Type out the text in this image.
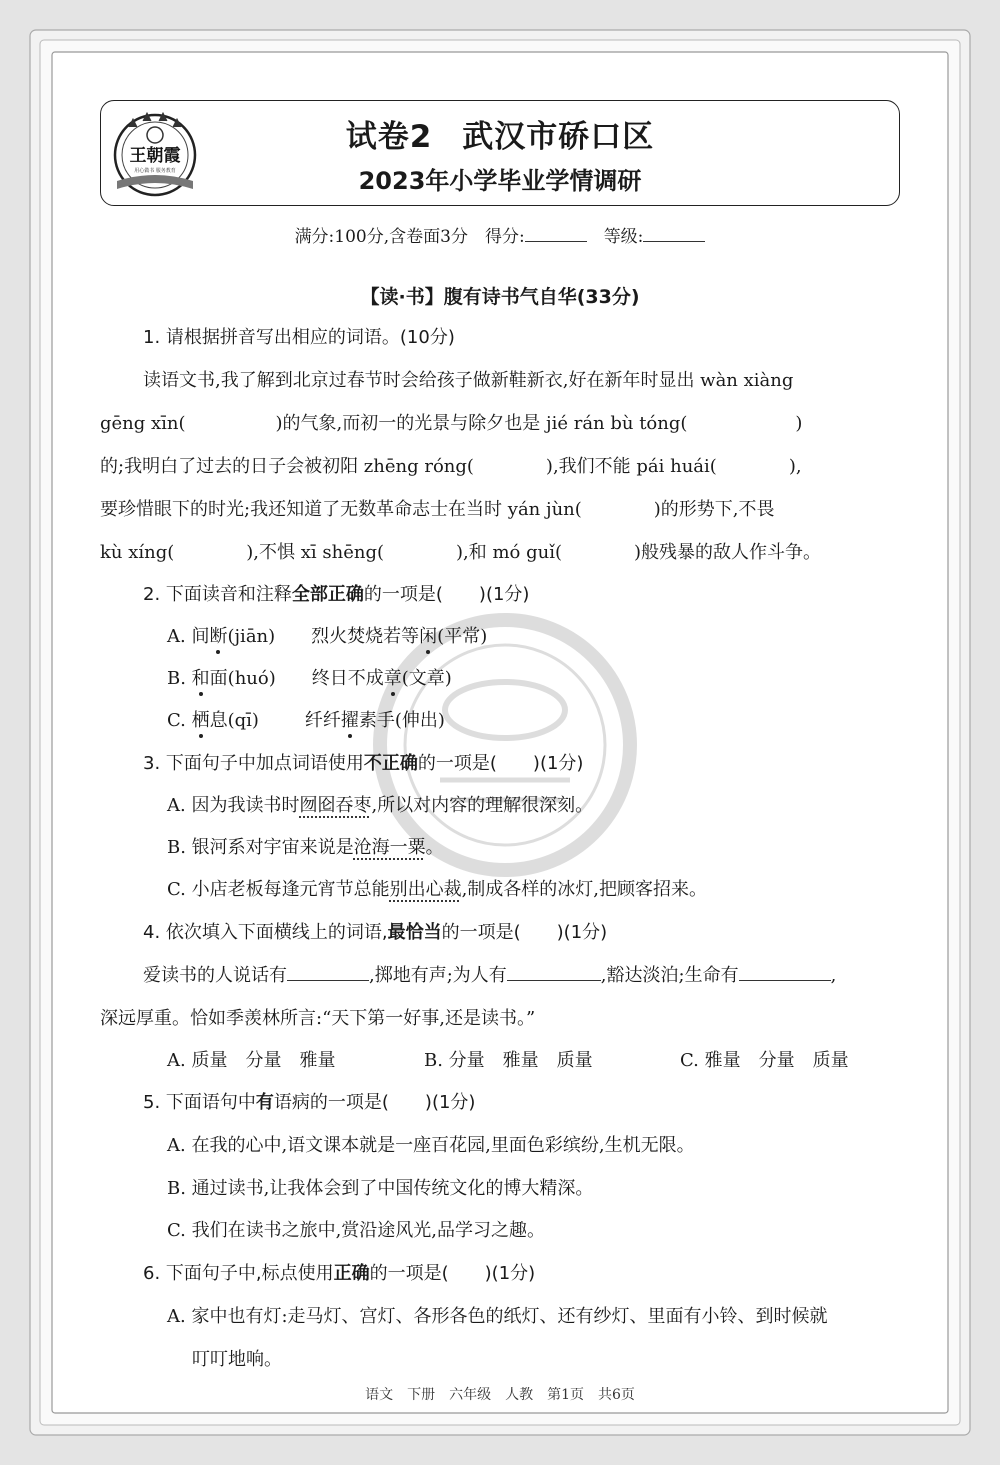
王朝霞
用心做书 服务教育
试卷2 武汉市硚口区
2023年小学毕业学情调研
满分:100分,含卷面3分　得分:　	等级:
【读·书】腹有诗书气自华(33分)
1. 请根据拼音写出相应的词语。(10分)
读语文书,我了解到北京过春节时会给孩子做新鞋新衣,好在新年时显出 wàn xiàng
gēng xīn(　　　　　)的气象,而初一的光景与除夕也是 jié rán bù tóng(　　　　　　)
的;我明白了过去的日子会被初阳 zhēng róng(　　　　),我们不能 pái huái(　　　　),
要珍惜眼下的时光;我还知道了无数革命志士在当时 yán jùn(　　　　)的形势下,不畏
kù xíng(　　　　),不惧 xī shēng(　　　　),和 mó guǐ(　　　　)般残暴的敌人作斗争。
2. 下面读音和注释全部正确的一项是(　　)(1分)
A. 间断(jiān) 烈火焚烧若等闲(平常)
B. 和面(huó) 终日不成章(文章)
C. 栖息(qī)	纤纤擢素手(伸出)
3. 下面句子中加点词语使用不正确的一项是(　　)(1分)
A. 因为我读书时囫囵吞枣,所以对内容的理解很深刻。
B. 银河系对宇宙来说是沧海一粟。
C. 小店老板每逢元宵节总能别出心裁,制成各样的冰灯,把顾客招来。
4. 依次填入下面横线上的词语,最恰当的一项是(　　)(1分)
爱读书的人说话有	,掷地有声;为人有	,豁达淡泊;生命有	,
深远厚重。恰如季羡林所言:“天下第一好事,还是读书。”
A. 质量　分量　雅量	B. 分量　雅量　质量	C. 雅量　分量　质量
5. 下面语句中有语病的一项是(　　)(1分)
A. 在我的心中,语文课本就是一座百花园,里面色彩缤纷,生机无限。
B. 通过读书,让我体会到了中国传统文化的博大精深。
C. 我们在读书之旅中,赏沿途风光,品学习之趣。
6. 下面句子中,标点使用正确的一项是(　　)(1分)
A. 家中也有灯:走马灯、宫灯、各形各色的纸灯、还有纱灯、里面有小铃、到时候就
叮叮地响。
语文　下册　六年级　人教　第1页　共6页
